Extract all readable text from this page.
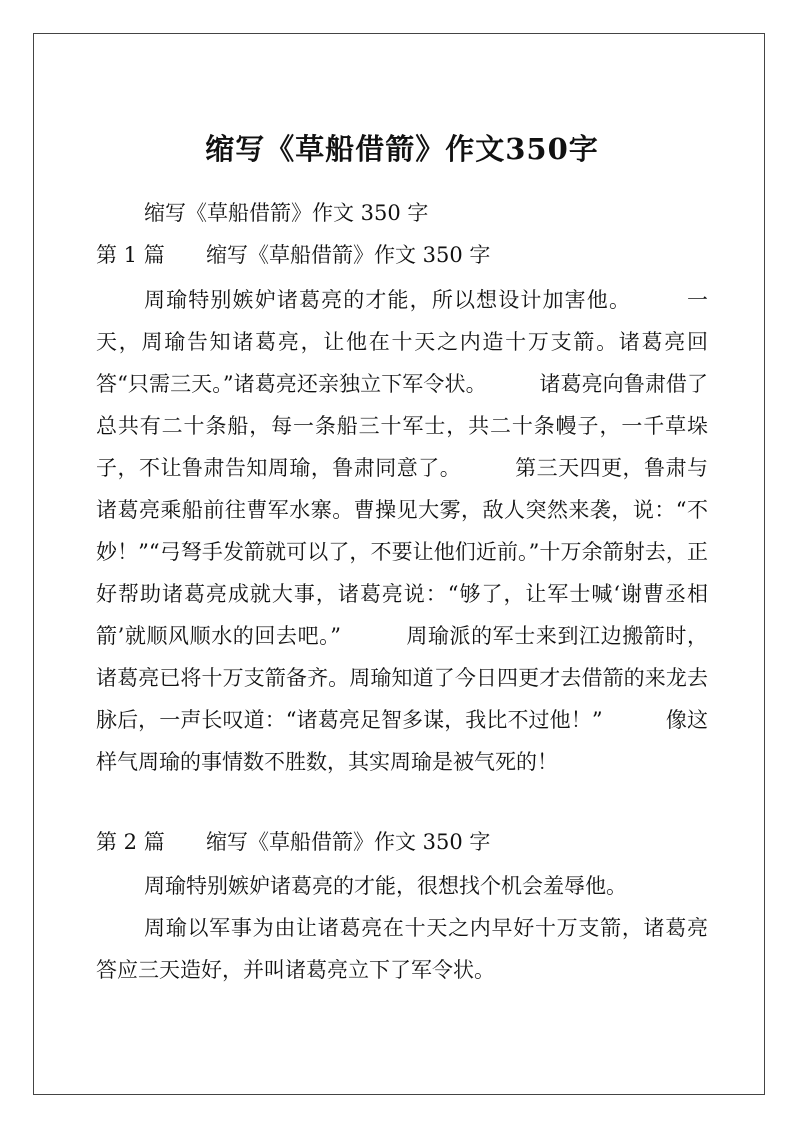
缩写《草船借箭》作文350字
缩写《草船借箭》作文 350 字
第 1 篇 缩写《草船借箭》作文 350 字
周瑜特别嫉妒诸葛亮的才能，所以想设计加害他。　　　一天，周瑜告知诸葛亮，让他在十天之内造十万支箭。诸葛亮回答“只需三天。”诸葛亮还亲独立下军令状。　　　诸葛亮向鲁肃借了总共有二十条船，每一条船三十军士，共二十条幔子，一千草垛子，不让鲁肃告知周瑜，鲁肃同意了。　　　第三天四更，鲁肃与诸葛亮乘船前往曹军水寨。曹操见大雾，敌人突然来袭，说：“不妙！”“弓弩手发箭就可以了，不要让他们近前。”十万余箭射去，正好帮助诸葛亮成就大事，诸葛亮说：“够了，让军士喊‘谢曹丞相箭’就顺风顺水的回去吧。”　　　周瑜派的军士来到江边搬箭时，诸葛亮已将十万支箭备齐。周瑜知道了今日四更才去借箭的来龙去脉后，一声长叹道：“诸葛亮足智多谋，我比不过他！”　　　像这样气周瑜的事情数不胜数，其实周瑜是被气死的！
第 2 篇 缩写《草船借箭》作文 350 字
周瑜特别嫉妒诸葛亮的才能，很想找个机会羞辱他。
周瑜以军事为由让诸葛亮在十天之内早好十万支箭，诸葛亮答应三天造好，并叫诸葛亮立下了军令状。
